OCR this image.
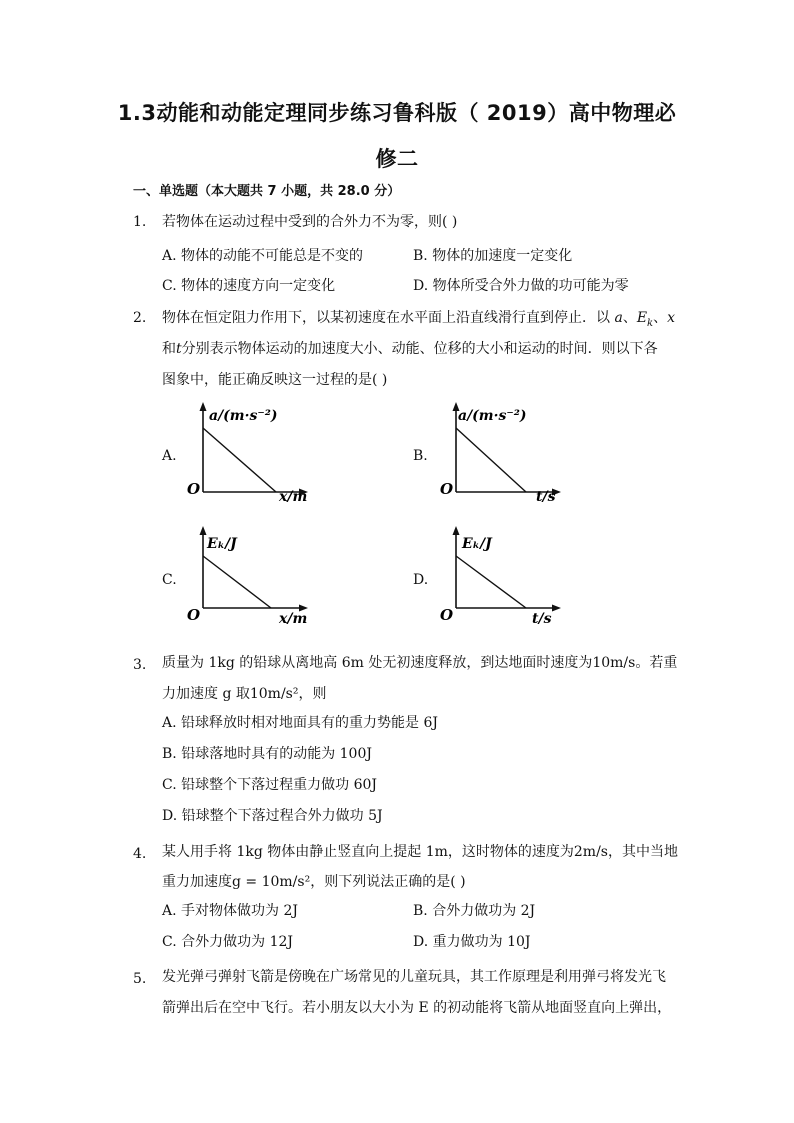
1.3动能和动能定理同步练习鲁科版（ 2019）高中物理必
修二
一、单选题（本大题共 7 小题，共 28.0 分）
1. 若物体在运动过程中受到的合外力不为零，则( )
A. 物体的动能不可能总是不变的	B. 物体的加速度一定变化
C. 物体的速度方向一定变化	D. 物体所受合外力做的功可能为零
2. 物体在恒定阻力作用下，以某初速度在水平面上沿直线滑行直到停止．以 a、$E_k$、x
和t分别表示物体运动的加速度大小、动能、位移的大小和运动的时间．则以下各
图象中，能正确反映这一过程的是( )
A.
a/(m·s⁻²)
O	x/m
B.
a/(m·s⁻²)
O	t/s
C.
Eₖ/J
O	x/m
D.
Eₖ/J
O	t/s
3. 质量为 1kg 的铅球从离地高 6m 处无初速度释放，到达地面时速度为10m/s。若重
力加速度 g 取10m/s²，则
A. 铅球释放时相对地面具有的重力势能是 6J
B. 铅球落地时具有的动能为 100J
C. 铅球整个下落过程重力做功 60J
D. 铅球整个下落过程合外力做功 5J
4. 某人用手将 1kg 物体由静止竖直向上提起 1m，这时物体的速度为2m/s，其中当地
重力加速度g = 10m/s²，则下列说法正确的是( )
A. 手对物体做功为 2J	B. 合外力做功为 2J
C. 合外力做功为 12J	D. 重力做功为 10J
5. 发光弹弓弹射飞箭是傍晚在广场常见的儿童玩具，其工作原理是利用弹弓将发光飞
箭弹出后在空中飞行。若小朋友以大小为 E 的初动能将飞箭从地面竖直向上弹出，
